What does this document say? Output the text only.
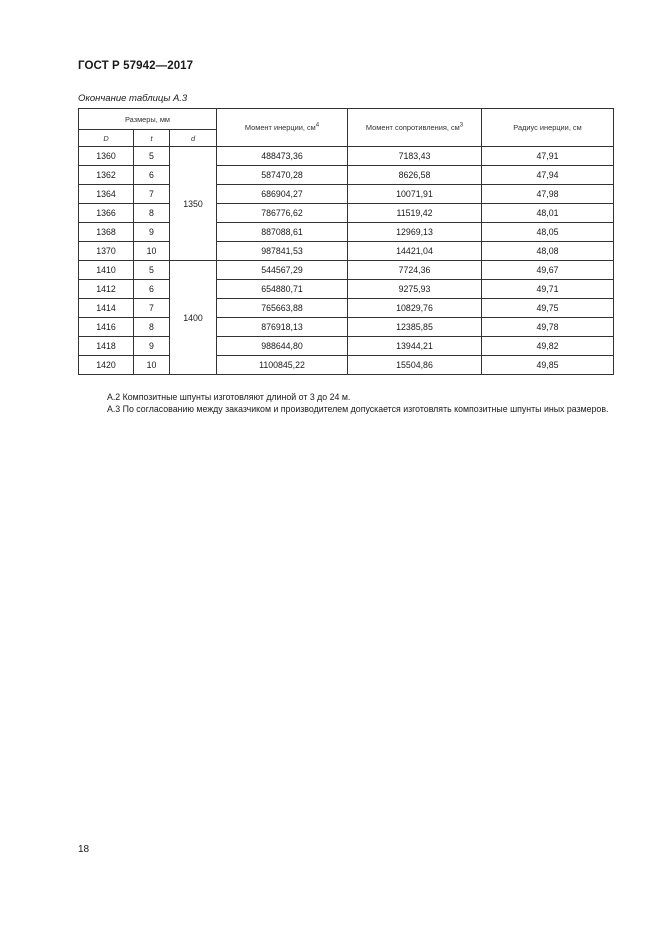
ГОСТ Р 57942—2017
Окончание таблицы А.3
Размеры, мм			Момент инерции, $см^4$	Момент сопротивления, $см^3$	Радиус инерции, см
D	t	d			
1360	5	1350	488473,36	7183,43	47,91
1362	6		587470,28	8626,58	47,94
1364	7		686904,27	10071,91	47,98
1366	8		786776,62	11519,42	48,01
1368	9		887088,61	12969,13	48,05
1370	10		987841,53	14421,04	48,08
1410	5	1400	544567,29	7724,36	49,67
1412	6		654880,71	9275,93	49,71
1414	7		765663,88	10829,76	49,75
1416	8		876918,13	12385,85	49,78
1418	9		988644,80	13944,21	49,82
1420	10		1100845,22	15504,86	49,85
А.2 Композитные шпунты изготовляют длиной от 3 до 24 м.
А.3 По согласованию между заказчиком и производителем допускается изготовлять композитные шпунты иных размеров.
18
